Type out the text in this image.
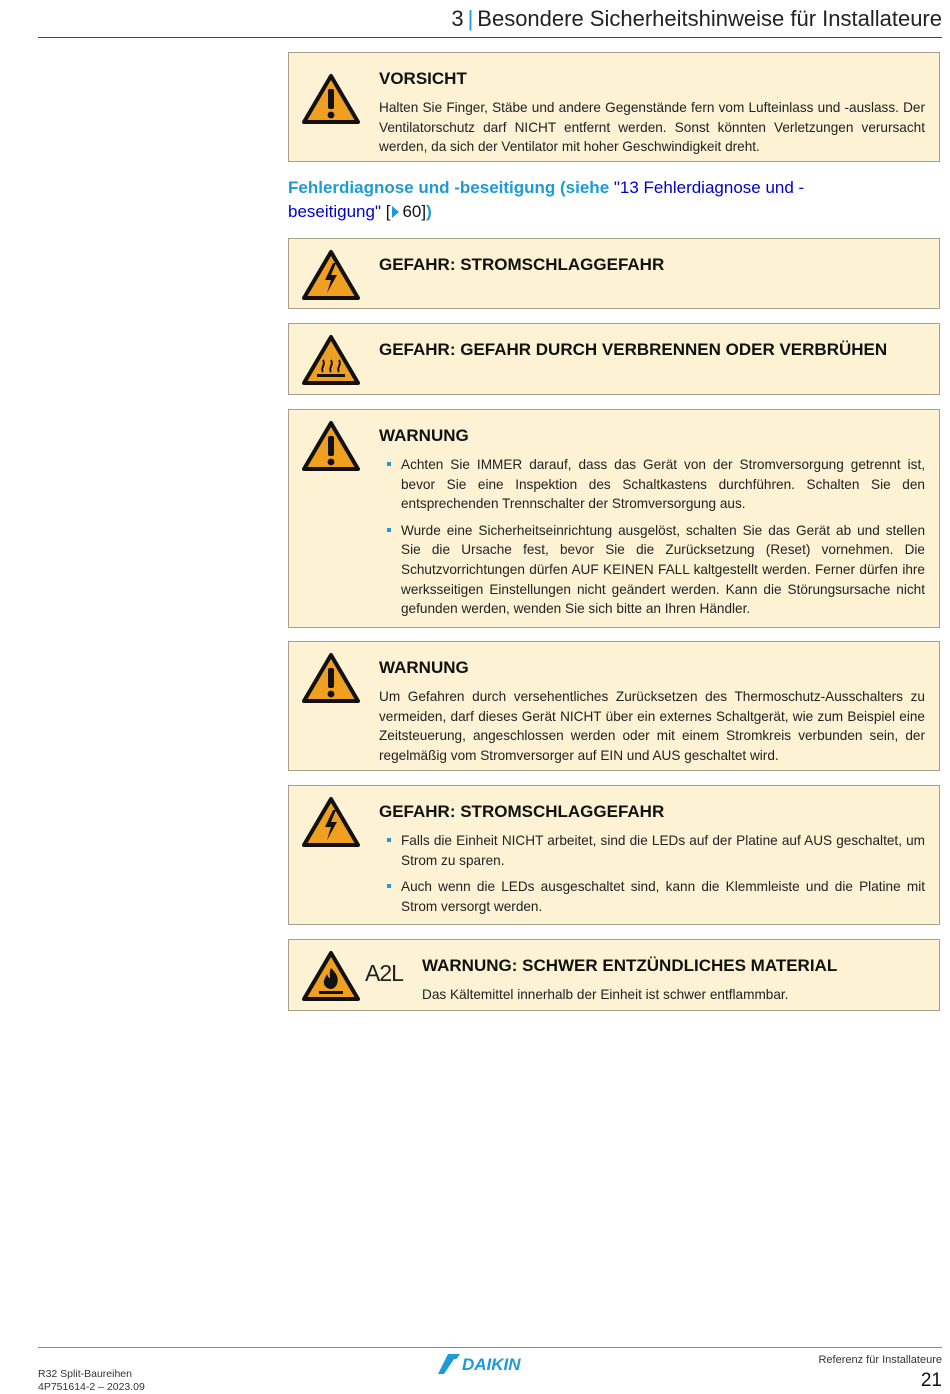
3 | Besondere Sicherheitshinweise für Installateure
VORSICHT
Halten Sie Finger, Stäbe und andere Gegenstände fern vom Lufteinlass und -auslass. Der Ventilatorschutz darf NICHT entfernt werden. Sonst könnten Verletzungen verursacht werden, da sich der Ventilator mit hoher Geschwindigkeit dreht.
Fehlerdiagnose und -beseitigung (siehe "13 Fehlerdiagnose und -beseitigung" [ 60])
GEFAHR: STROMSCHLAGGEFAHR
GEFAHR: GEFAHR DURCH VERBRENNEN ODER VERBRÜHEN
WARNUNG
Achten Sie IMMER darauf, dass das Gerät von der Stromversorgung getrennt ist, bevor Sie eine Inspektion des Schaltkastens durchführen. Schalten Sie den entsprechenden Trennschalter der Stromversorgung aus.
Wurde eine Sicherheitseinrichtung ausgelöst, schalten Sie das Gerät ab und stellen Sie die Ursache fest, bevor Sie die Zurücksetzung (Reset) vornehmen. Die Schutzvorrichtungen dürfen AUF KEINEN FALL kaltgestellt werden. Ferner dürfen ihre werksseitigen Einstellungen nicht geändert werden. Kann die Störungsursache nicht gefunden werden, wenden Sie sich bitte an Ihren Händler.
WARNUNG
Um Gefahren durch versehentliches Zurücksetzen des Thermoschutz-Ausschalters zu vermeiden, darf dieses Gerät NICHT über ein externes Schaltgerät, wie zum Beispiel eine Zeitsteuerung, angeschlossen werden oder mit einem Stromkreis verbunden sein, der regelmäßig vom Stromversorger auf EIN und AUS geschaltet wird.
GEFAHR: STROMSCHLAGGEFAHR
Falls die Einheit NICHT arbeitet, sind die LEDs auf der Platine auf AUS geschaltet, um Strom zu sparen.
Auch wenn die LEDs ausgeschaltet sind, kann die Klemmleiste und die Platine mit Strom versorgt werden.
A2L WARNUNG: SCHWER ENTZÜNDLICHES MATERIAL
Das Kältemittel innerhalb der Einheit ist schwer entflammbar.
R32 Split-Baureihen
4P751614-2 – 2023.09
DAIKIN	Referenz für Installateure
21
